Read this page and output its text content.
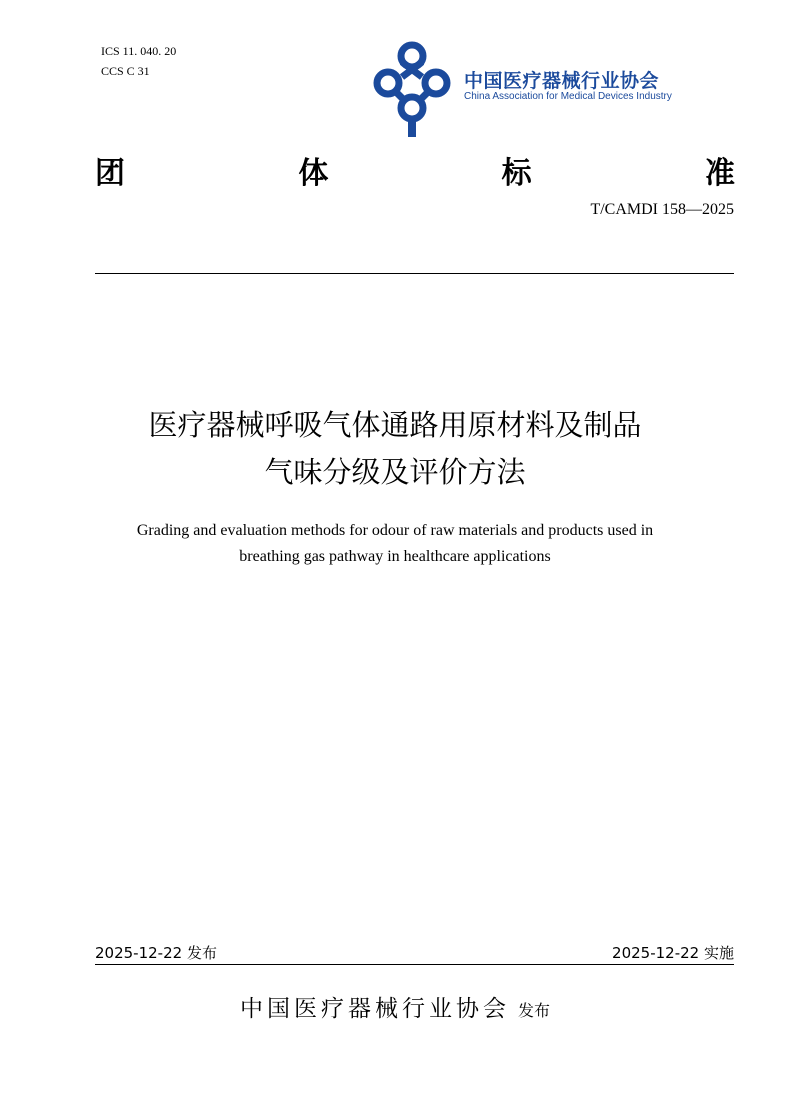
ICS 11. 040. 20
CCS C 31	中国医疗器械行业协会
China Association for Medical Devices Industry
团	体	标	准
T/CAMDI 158—2025
医疗器械呼吸气体通路用原材料及制品
气味分级及评价方法
Grading and evaluation methods for odour of raw materials and products used in
breathing gas pathway in healthcare applications
2025-12-22 发布	2025-12-22 实施
中国医疗器械行业协会 发布
